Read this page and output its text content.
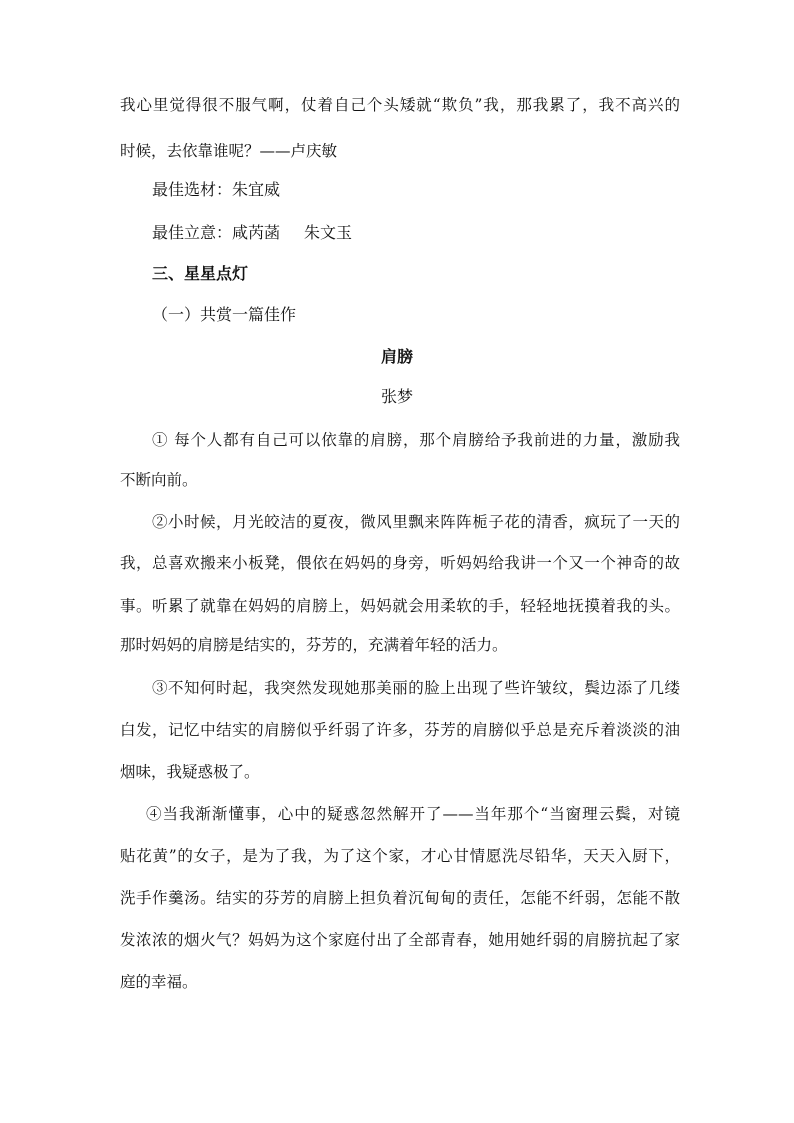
我心里觉得很不服气啊，仗着自己个头矮就“欺负”我，那我累了，我不高兴的
时候，去依靠谁呢？——卢庆敏
最佳选材：朱宜威
最佳立意：咸芮菡	朱文玉
三、星星点灯
（一）共赏一篇佳作
肩膀
张梦
① 每个人都有自己可以依靠的肩膀，那个肩膀给予我前进的力量，激励我
不断向前。
②小时候，月光皎洁的夏夜，微风里飘来阵阵栀子花的清香，疯玩了一天的
我，总喜欢搬来小板凳，偎依在妈妈的身旁，听妈妈给我讲一个又一个神奇的故
事。听累了就靠在妈妈的肩膀上，妈妈就会用柔软的手，轻轻地抚摸着我的头。
那时妈妈的肩膀是结实的，芬芳的，充满着年轻的活力。
③不知何时起，我突然发现她那美丽的脸上出现了些许皱纹，鬓边添了几缕
白发，记忆中结实的肩膀似乎纤弱了许多，芬芳的肩膀似乎总是充斥着淡淡的油
烟味，我疑惑极了。
④当我渐渐懂事，心中的疑惑忽然解开了——当年那个“当窗理云鬓，对镜
贴花黄”的女子，是为了我，为了这个家，才心甘情愿洗尽铅华，天天入厨下，
洗手作羹汤。结实的芬芳的肩膀上担负着沉甸甸的责任，怎能不纤弱，怎能不散
发浓浓的烟火气？妈妈为这个家庭付出了全部青春，她用她纤弱的肩膀抗起了家
庭的幸福。
